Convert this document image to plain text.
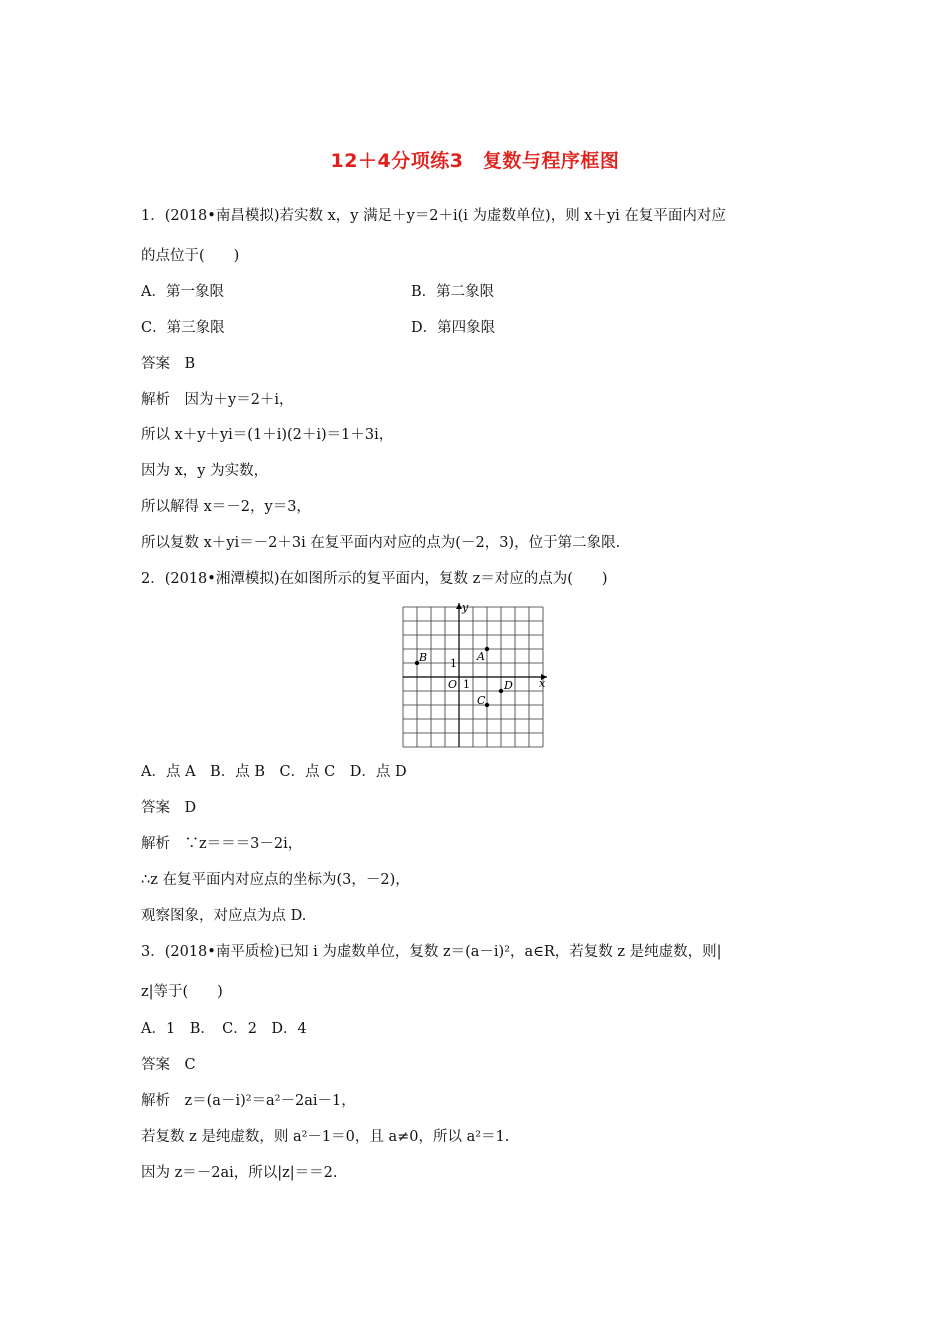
12＋4分项练3　复数与程序框图
1．(2018•南昌模拟)若实数 x，y 满足＋y＝2＋i(i 为虚数单位)，则 x＋yi 在复平面内对应
的点位于(　　)
A．第一象限	B．第二象限
C．第三象限	D．第四象限
答案　B
解析　因为＋y＝2＋i，
所以 x＋y＋yi＝(1＋i)(2＋i)＝1＋3i，
因为 x，y 为实数，
所以解得 x＝－2，y＝3，
所以复数 x＋yi＝－2＋3i 在复平面内对应的点为(－2，3)，位于第二象限.
2．(2018•湘潭模拟)在如图所示的复平面内，复数 z＝对应的点为(　　)
y
x
O 1
1
A
B
C
D
A．点 A　B．点 B　C．点 C　D．点 D
答案　D
解析　∵z＝＝＝3－2i，
∴z 在复平面内对应点的坐标为(3，－2)，
观察图象，对应点为点 D.
3．(2018•南平质检)已知 i 为虚数单位，复数 z＝(a－i)²，a∈R，若复数 z 是纯虚数，则|
z|等于(　　)
A．1　B．　C．2　D．4
答案　C
解析　z＝(a－i)²＝a²－2ai－1，
若复数 z 是纯虚数，则 a²－1＝0，且 a≠0，所以 a²＝1.
因为 z＝－2ai，所以|z|＝＝2.
